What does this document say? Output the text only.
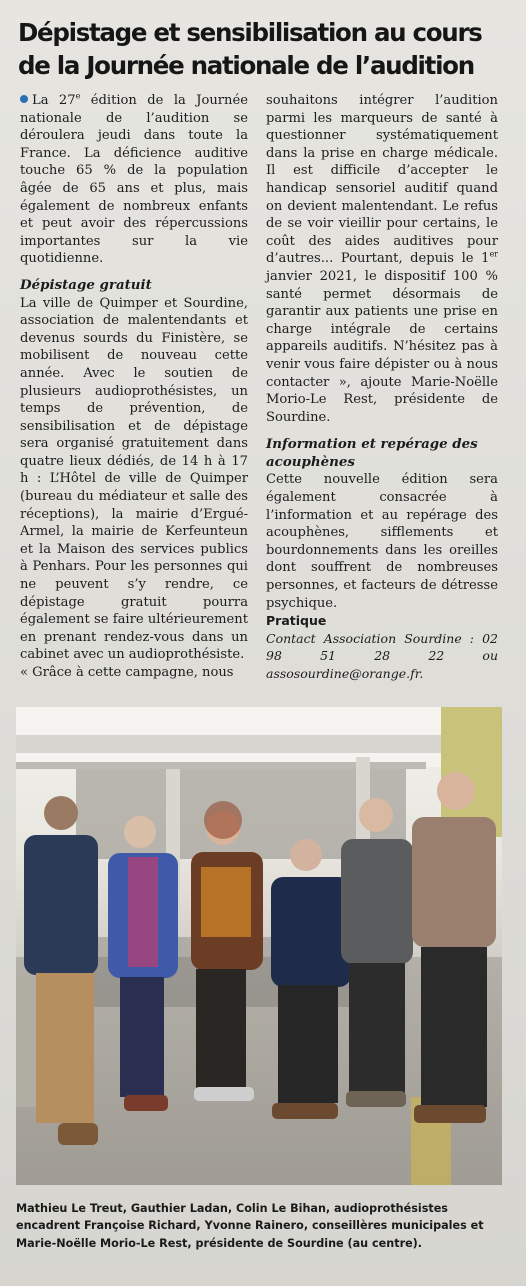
Dépistage et sensibilisation au cours de la Journée nationale de l’audition

La 27e édition de la Journée nationale de l’audition se déroulera jeudi dans toute la France. La déficience auditive touche 65 % de la population âgée de 65 ans et plus, mais également de nombreux enfants et peut avoir des répercussions importantes sur la vie quotidienne.

Dépistage gratuit

La ville de Quimper et Sourdine, association de malentendants et devenus sourds du Finistère, se mobilisent de nouveau cette année. Avec le soutien de plusieurs audioprothésistes, un temps de prévention, de sensibilisation et de dépistage sera organisé gratuitement dans quatre lieux dédiés, de 14 h à 17 h : L’Hôtel de ville de Quimper (bureau du médiateur et salle des réceptions), la mairie d’Ergué-Armel, la mairie de Kerfeunteun et la Maison des services publics à Penhars. Pour les personnes qui ne peuvent s’y rendre, ce dépistage gratuit pourra également se faire ultérieurement en prenant rendez-vous dans un cabinet avec un audioprothésiste.

« Grâce à cette campagne, nous

souhaitons intégrer l’audition parmi les marqueurs de santé à questionner systématiquement dans la prise en charge médicale. Il est difficile d’accepter le handicap sensoriel auditif quand on devient malentendant. Le refus de se voir vieillir pour certains, le coût des aides auditives pour d’autres... Pourtant, depuis le 1er janvier 2021, le dispositif 100 % santé permet désormais de garantir aux patients une prise en charge intégrale de certains appareils auditifs. N’hésitez pas à venir vous faire dépister ou à nous contacter », ajoute Marie-Noëlle Morio-Le Rest, présidente de Sourdine.

Information et repérage des acouphènes

Cette nouvelle édition sera également consacrée à l’information et au repérage des acouphènes, sifflements et bourdonnements dans les oreilles dont souffrent de nombreuses personnes, et facteurs de détresse psychique.

Pratique

Contact Association Sourdine : 02 98 51 28 22 ou assosourdine@orange.fr.

Mathieu Le Treut, Gauthier Ladan, Colin Le Bihan, audioprothésistes encadrent Françoise Richard, Yvonne Rainero, conseillères municipales et Marie-Noëlle Morio-Le Rest, présidente de Sourdine (au centre).
